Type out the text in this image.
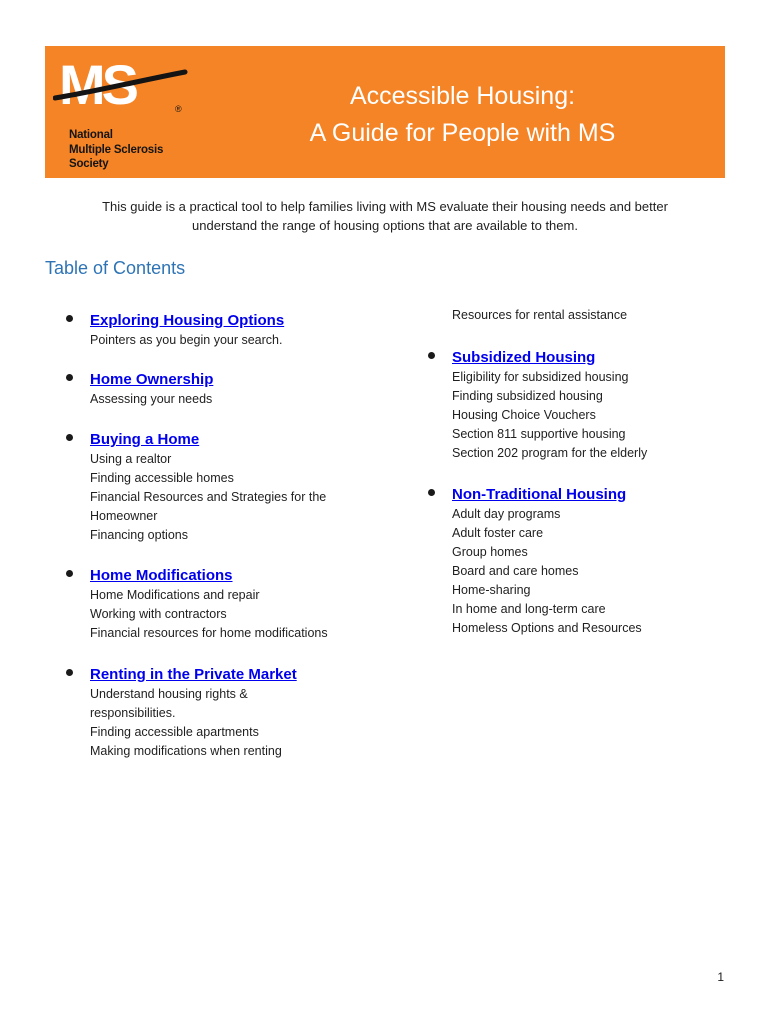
MS	®

National
Multiple Sclerosis
Society

Accessible Housing:
A Guide for People with MS

This guide is a practical tool to help families living with MS evaluate their housing needs and better understand the range of housing options that are available to them.

Table of Contents
Exploring Housing Options
Pointers as you begin your search.
Home Ownership
Assessing your needs
Buying a Home
Using a realtor
Finding accessible homes
Financial Resources and Strategies for the
Homeowner
Financing options
Home Modifications
Home Modifications and repair
Working with contractors
Financial resources for home modifications
Renting in the Private Market
Understand housing rights &
responsibilities.
Finding accessible apartments
Making modifications when renting
Resources for rental assistance
Subsidized Housing
Eligibility for subsidized housing
Finding subsidized housing
Housing Choice Vouchers
Section 811 supportive housing
Section 202 program for the elderly
Non-Traditional Housing
Adult day programs
Adult foster care
Group homes
Board and care homes
Home-sharing
In home and long-term care
Homeless Options and Resources
1
